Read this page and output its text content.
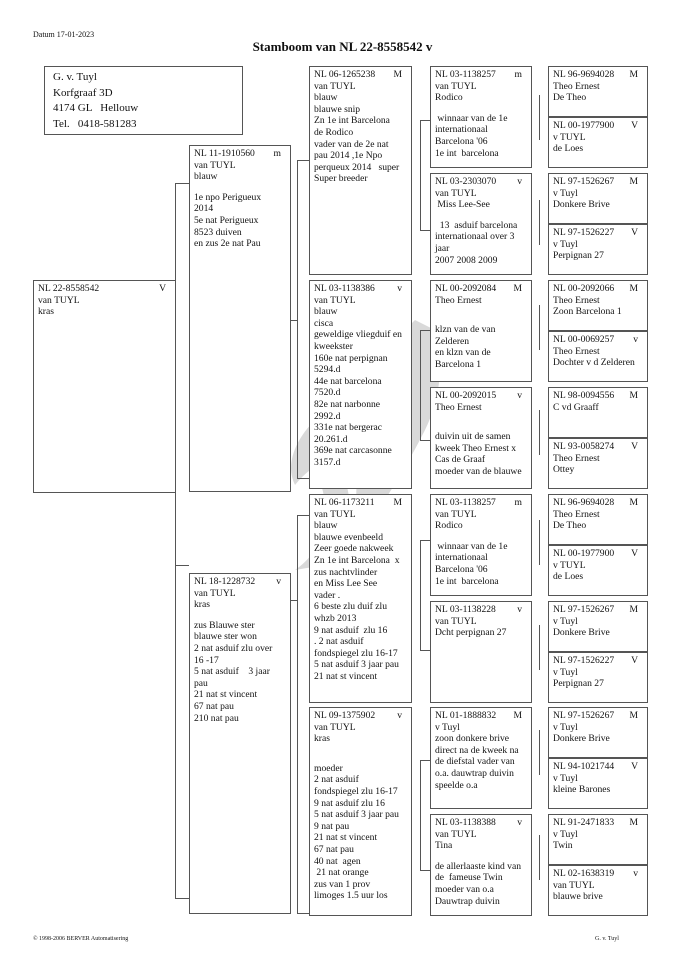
Datum 17-01-2023
Stamboom van NL 22-8558542 v
G. v. Tuyl
Korfgraaf 3D
4174 GL   Hellouw
Tel.   0418-581283
NL 22-8558542	V
van TUYL
kras
NL 11-1910560 m
van TUYL
blauw
1e npo Perigueux
2014
5e nat Perigueux
8523 duiven
en zus 2e nat Pau
NL 18-1228732 v
van TUYL
kras
zus Blauwe ster
blauwe ster won
2 nat asduif zlu over
16 -17
5 nat asduif    3 jaar
pau
21 nat st vincent
67 nat pau
210 nat pau
NL 06-1265238 M
van TUYL
blauw
blauwe snip
Zn 1e int Barcelona
de Rodico
vader van de 2e nat
pau 2014 ,1e Npo
perqueux 2014   super
Super breeder
NL 03-1138386 v
van TUYL
blauw
cisca
geweldige vliegduif en
kweekster
160e nat perpignan
5294.d
44e nat barcelona
7520.d
82e nat narbonne
2992.d
331e nat bergerac
20.261.d
369e nat carcasonne
3157.d
NL 06-1173211 M
van TUYL
blauw
blauwe evenbeeld
Zeer goede nakweek
Zn 1e int Barcelona  x
zus nachtvlinder
en Miss Lee See
vader .
6 beste zlu duif zlu
whzb 2013
9 nat asduif  zlu 16
. 2 nat asduif
fondspiegel zlu 16-17
5 nat asduif 3 jaar pau
21 nat st vincent
NL 09-1375902 v
van TUYL
kras
moeder
2 nat asduif
fondspiegel zlu 16-17
9 nat asduif zlu 16
5 nat asduif 3 jaar pau
9 nat pau
21 nat st vincent
67 nat pau
40 nat  agen
21 nat orange
zus van 1 prov
limoges 1.5 uur los
NL 03-1138257 m
van TUYL
Rodico
winnaar van de 1e
internationaal
Barcelona '06
1e int  barcelona
NL 03-2303070 v
van TUYL
Miss Lee-See
13  asduif barcelona
internationaal over 3
jaar
2007 2008 2009
NL 00-2092084 M
Theo Ernest
klzn van de van
Zelderen
en klzn van de
Barcelona 1
NL 00-2092015 v
Theo Ernest
duivin uit de samen
kweek Theo Ernest x
Cas de Graaf
moeder van de blauwe
NL 03-1138257 m
van TUYL
Rodico
winnaar van de 1e
internationaal
Barcelona '06
1e int  barcelona
NL 03-1138228 v
van TUYL
Dcht perpignan 27
NL 01-1888832 M
v Tuyl
zoon donkere brive
direct na de kweek na
de diefstal vader van
o.a. dauwtrap duivin
speelde o.a
NL 03-1138388 v
van TUYL
Tina
de allerlaaste kind van
de  fameuse Twin
moeder van o.a
Dauwtrap duivin
NL 96-9694028 M
Theo Ernest
De Theo
NL 00-1977900 V
v TUYL
de Loes
NL 97-1526267 M
v Tuyl
Donkere Brive
NL 97-1526227 V
v Tuyl
Perpignan 27
NL 00-2092066 M
Theo Ernest
Zoon Barcelona 1
NL 00-0069257 v
Theo Ernest
Dochter v d Zelderen
NL 98-0094556 M
C vd Graaff
NL 93-0058274 V
Theo Ernest
Ottey
NL 96-9694028 M
Theo Ernest
De Theo
NL 00-1977900 V
v TUYL
de Loes
NL 97-1526267 M
v Tuyl
Donkere Brive
NL 97-1526227 V
v Tuyl
Perpignan 27
NL 97-1526267 M
v Tuyl
Donkere Brive
NL 94-1021744 V
v Tuyl
kleine Barones
NL 91-2471833 M
v Tuyl
Twin
NL 02-1638319 v
van TUYL
blauwe brive
© 1998-2006 BERVER Automatisering	G. v. Tuyl
